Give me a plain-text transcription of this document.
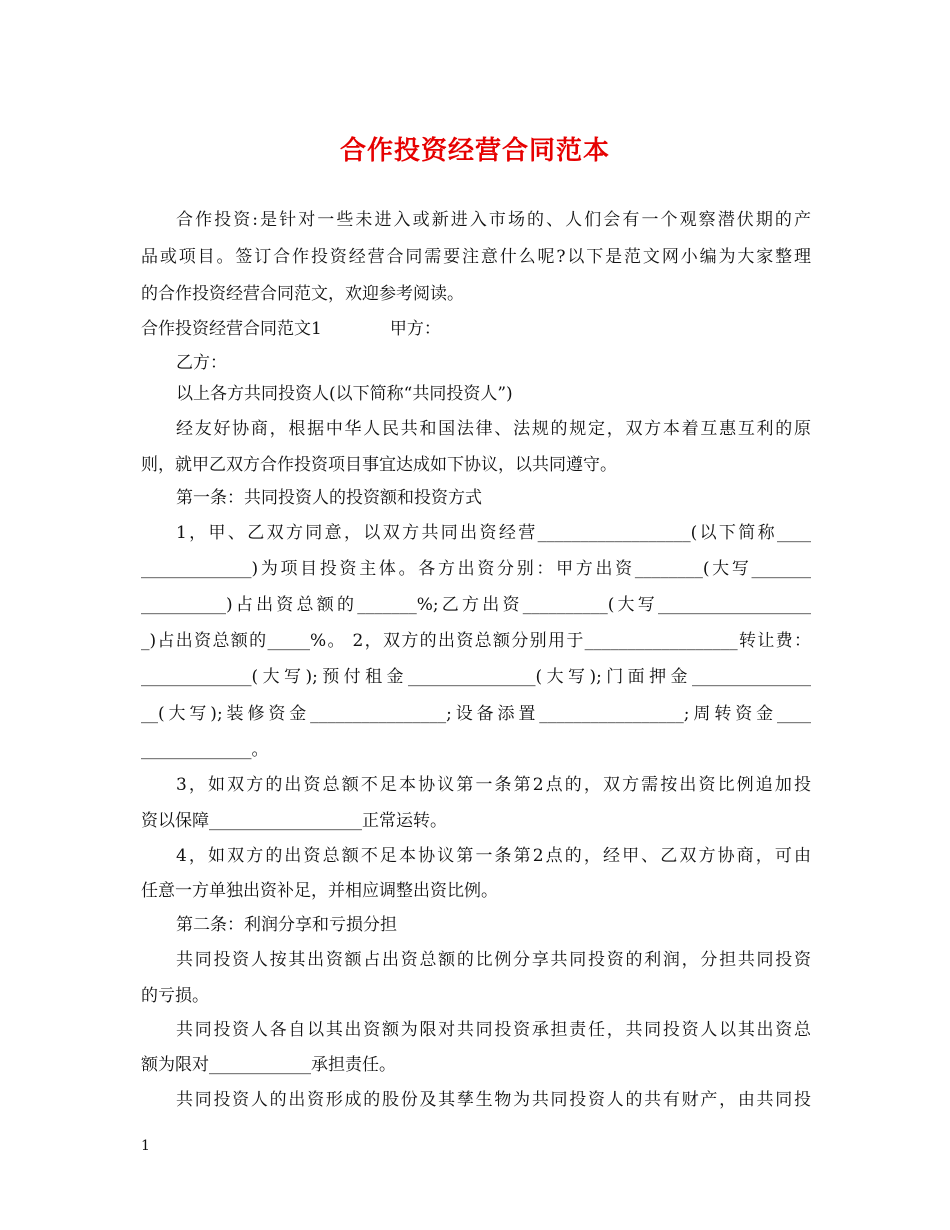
合作投资经营合同范本
合作投资:是针对一些未进入或新进入市场的、人们会有一个观察潜伏期的产
品或项目。签订合作投资经营合同需要注意什么呢?以下是范文网小编为大家整理
的合作投资经营合同范文，欢迎参考阅读。
合作投资经营合同范文1	甲方：
乙方：
以上各方共同投资人(以下简称“共同投资人”)
经友好协商，根据中华人民共和国法律、法规的规定，双方本着互惠互利的原
则，就甲乙双方合作投资项目事宜达成如下协议，以共同遵守。
第一条：共同投资人的投资额和投资方式
1，甲、乙双方同意，以双方共同出资经营__________________(以下简称____
_____________)为项目投资主体。各方出资分别：甲方出资________(大写_______
__________)占出资总额的_______%;乙方出资__________(大写__________________
_)占出资总额的_____%。 2，双方的出资总额分别用于__________________转让费：
_____________(大写);预付租金_______________(大写);门面押金______________
__(大写);装修资金________________;设备添置_________________;周转资金____
_____________。
3，如双方的出资总额不足本协议第一条第2点的，双方需按出资比例追加投
资以保障__________________正常运转。
4，如双方的出资总额不足本协议第一条第2点的，经甲、乙双方协商，可由
任意一方单独出资补足，并相应调整出资比例。
第二条：利润分享和亏损分担
共同投资人按其出资额占出资总额的比例分享共同投资的利润，分担共同投资
的亏损。
共同投资人各自以其出资额为限对共同投资承担责任，共同投资人以其出资总
额为限对____________承担责任。
共同投资人的出资形成的股份及其孳生物为共同投资人的共有财产，由共同投
1
